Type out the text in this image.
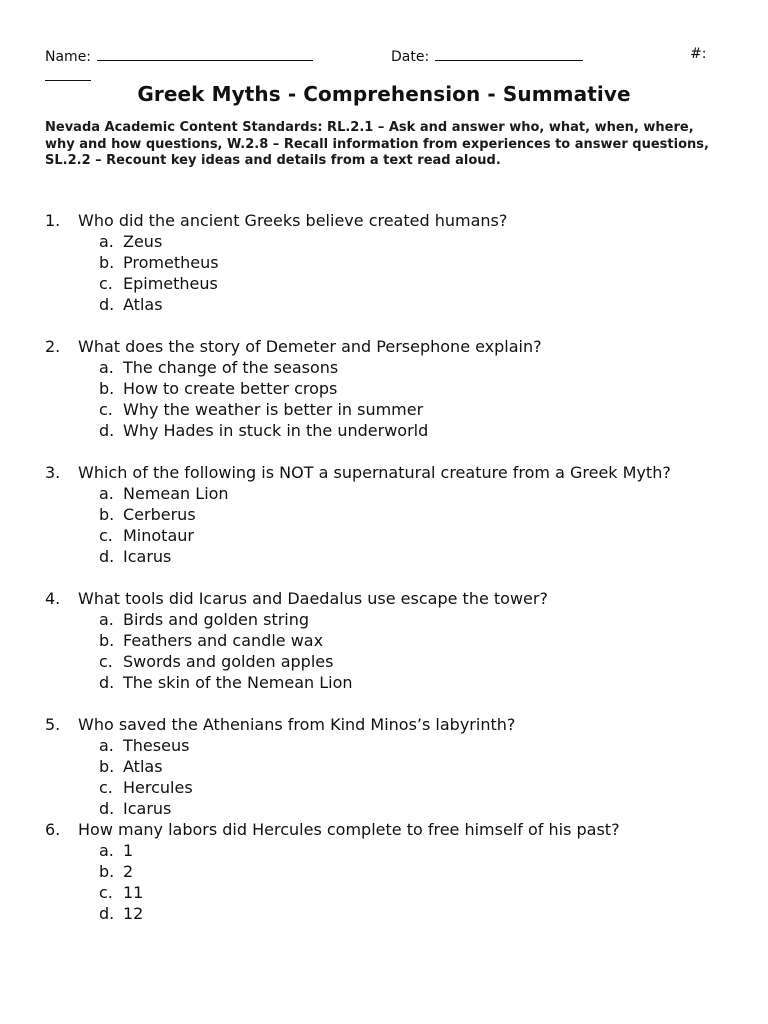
Name:	Date:	#:
Greek Myths - Comprehension - Summative
Nevada Academic Content Standards: RL.2.1 – Ask and answer who, what, when, where, why and how questions, W.2.8 – Recall information from experiences to answer questions, SL.2.2 – Recount key ideas and details from a text read aloud.
1. Who did the ancient Greeks believe created humans?
a. Zeus
b. Prometheus
c. Epimetheus
d. Atlas
2. What does the story of Demeter and Persephone explain?
a. The change of the seasons
b. How to create better crops
c. Why the weather is better in summer
d. Why Hades in stuck in the underworld
3. Which of the following is NOT a supernatural creature from a Greek Myth?
a. Nemean Lion
b. Cerberus
c. Minotaur
d. Icarus
4. What tools did Icarus and Daedalus use escape the tower?
a. Birds and golden string
b. Feathers and candle wax
c. Swords and golden apples
d. The skin of the Nemean Lion
5. Who saved the Athenians from Kind Minos’s labyrinth?
a. Theseus
b. Atlas
c. Hercules
d. Icarus
6. How many labors did Hercules complete to free himself of his past?
a. 1
b. 2
c. 11
d. 12
